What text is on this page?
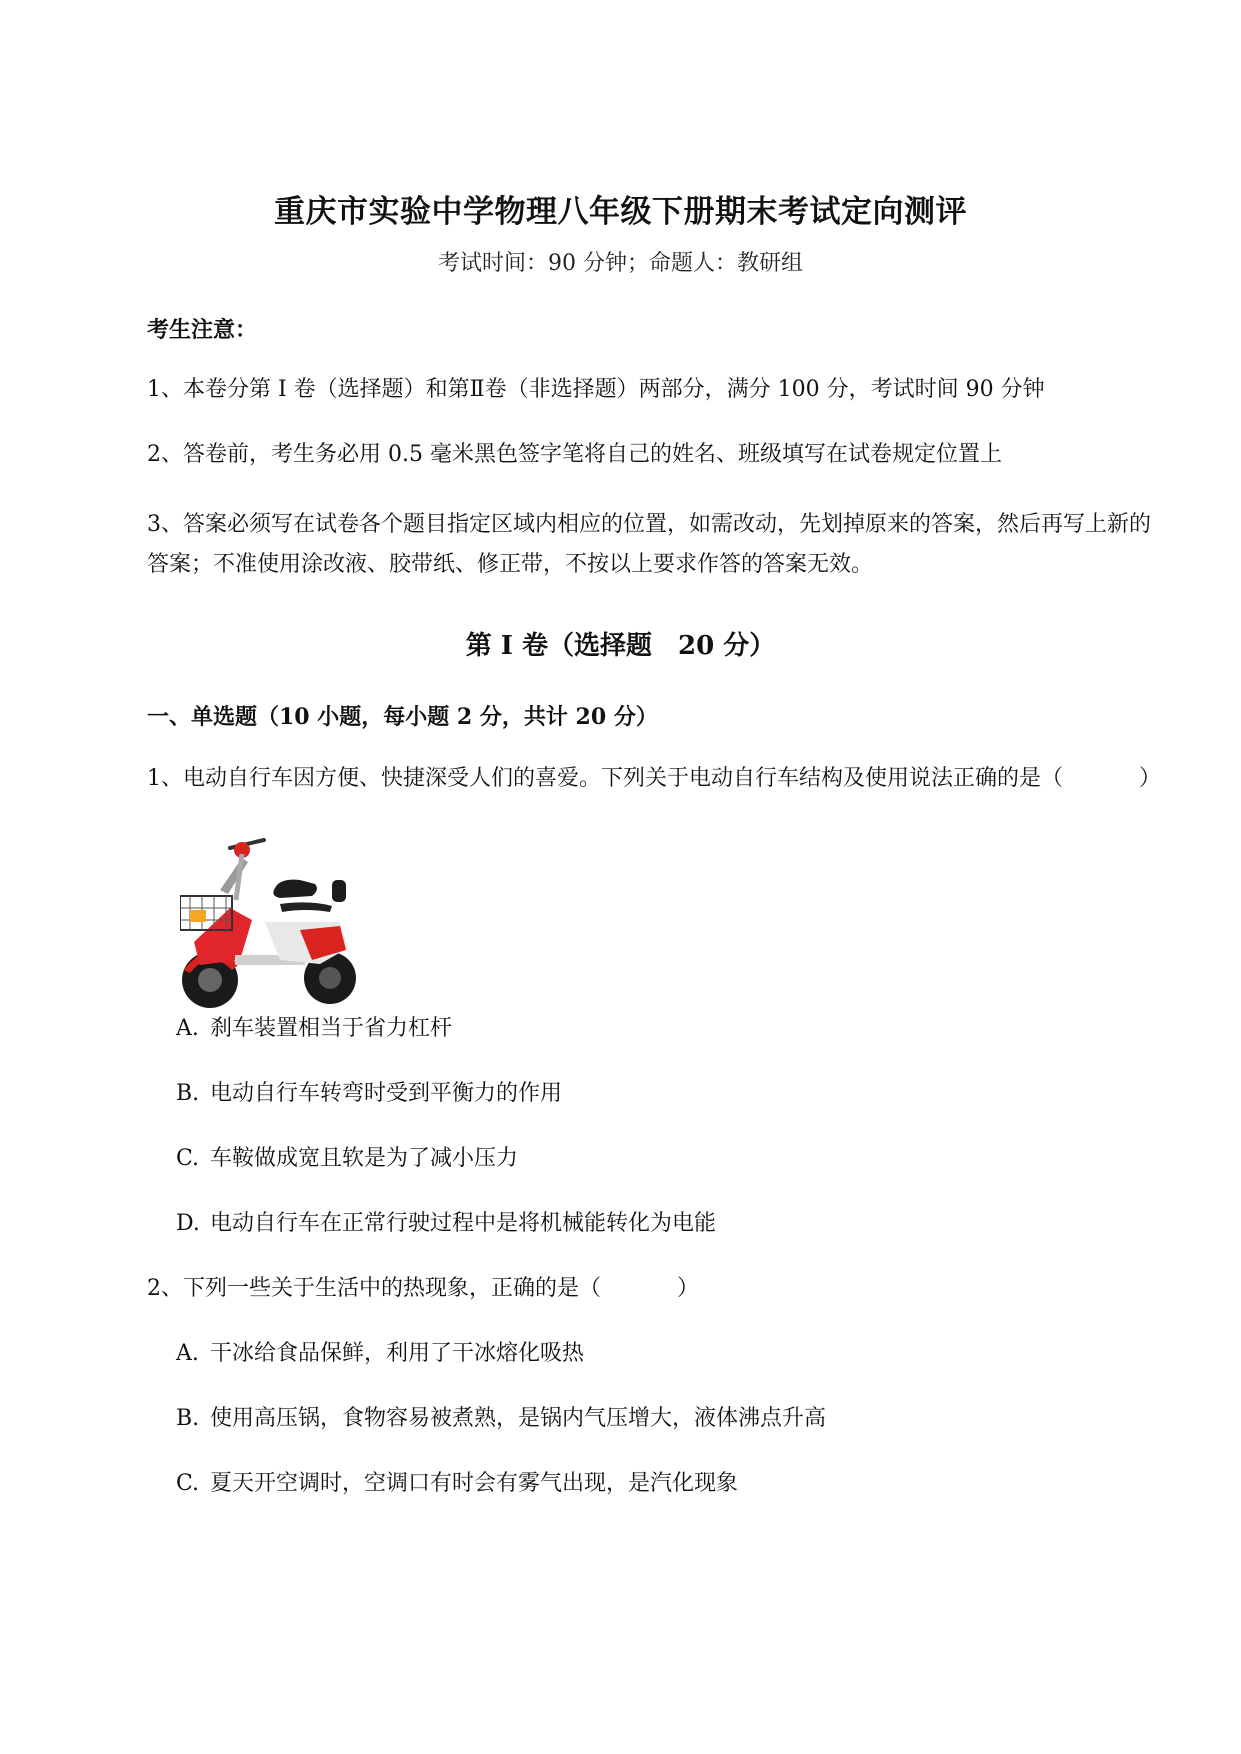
重庆市实验中学物理八年级下册期末考试定向测评
考试时间：90 分钟；命题人：教研组
考生注意：
1、本卷分第 I 卷（选择题）和第Ⅱ卷（非选择题）两部分，满分 100 分，考试时间 90 分钟
2、答卷前，考生务必用 0.5 毫米黑色签字笔将自己的姓名、班级填写在试卷规定位置上
3、答案必须写在试卷各个题目指定区域内相应的位置，如需改动，先划掉原来的答案，然后再写上新的答案；不准使用涂改液、胶带纸、修正带，不按以上要求作答的答案无效。
第 I 卷（选择题　20 分）
一、单选题（10 小题，每小题 2 分，共计 20 分）
1、电动自行车因方便、快捷深受人们的喜爱。下列关于电动自行车结构及使用说法正确的是（	）
A. 刹车装置相当于省力杠杆
B. 电动自行车转弯时受到平衡力的作用
C. 车鞍做成宽且软是为了减小压力
D. 电动自行车在正常行驶过程中是将机械能转化为电能
2、下列一些关于生活中的热现象，正确的是（	）
A. 干冰给食品保鲜，利用了干冰熔化吸热
B. 使用高压锅，食物容易被煮熟，是锅内气压增大，液体沸点升高
C. 夏天开空调时，空调口有时会有雾气出现，是汽化现象
